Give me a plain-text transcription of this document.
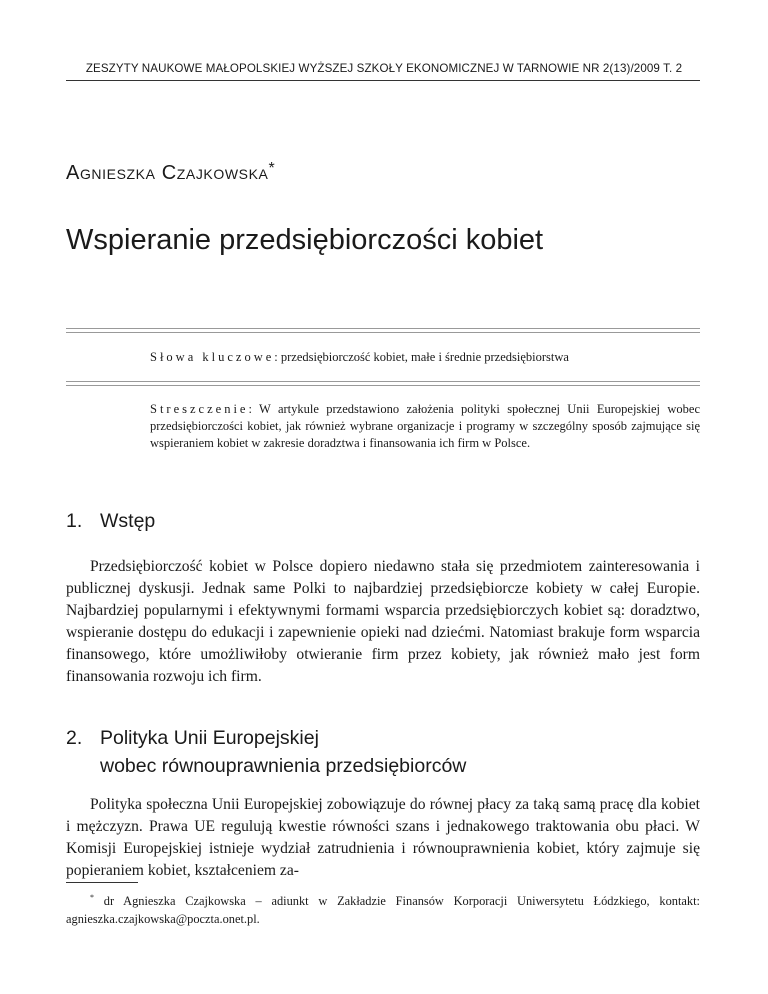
ZESZYTY NAUKOWE MAŁOPOLSKIEJ WYŻSZEJ SZKOŁY EKONOMICZNEJ W TARNOWIE NR 2(13)/2009 T. 2
Agnieszka Czajkowska*
Wspieranie przedsiębiorczości kobiet
Słowa kluczowe: przedsiębiorczość kobiet, małe i średnie przedsiębiorstwa
Streszczenie: W artykule przedstawiono założenia polityki społecznej Unii Europejskiej wobec przedsiębiorczości kobiet, jak również wybrane organizacje i programy w szczególny sposób zajmujące się wspieraniem kobiet w zakresie doradztwa i finansowania ich firm w Polsce.
1. Wstęp
Przedsiębiorczość kobiet w Polsce dopiero niedawno stała się przedmiotem zainteresowania i publicznej dyskusji. Jednak same Polki to najbardziej przedsiębiorcze kobiety w całej Europie. Najbardziej popularnymi i efektywnymi formami wsparcia przedsiębiorczych kobiet są: doradztwo, wspieranie dostępu do edukacji i zapewnienie opieki nad dziećmi. Natomiast brakuje form wsparcia finansowego, które umożliwiłoby otwieranie firm przez kobiety, jak również mało jest form finansowania rozwoju ich firm.
2. Polityka Unii Europejskiej
wobec równouprawnienia przedsiębiorców
Polityka społeczna Unii Europejskiej zobowiązuje do równej płacy za taką samą pracę dla kobiet i mężczyzn. Prawa UE regulują kwestie równości szans i jednakowego traktowania obu płaci. W Komisji Europejskiej istnieje wydział zatrudnienia i równouprawnienia kobiet, który zajmuje się popieraniem kobiet, kształceniem za-
* dr Agnieszka Czajkowska – adiunkt w Zakładzie Finansów Korporacji Uniwersytetu Łódzkiego, kontakt: agnieszka.czajkowska@poczta.onet.pl.
